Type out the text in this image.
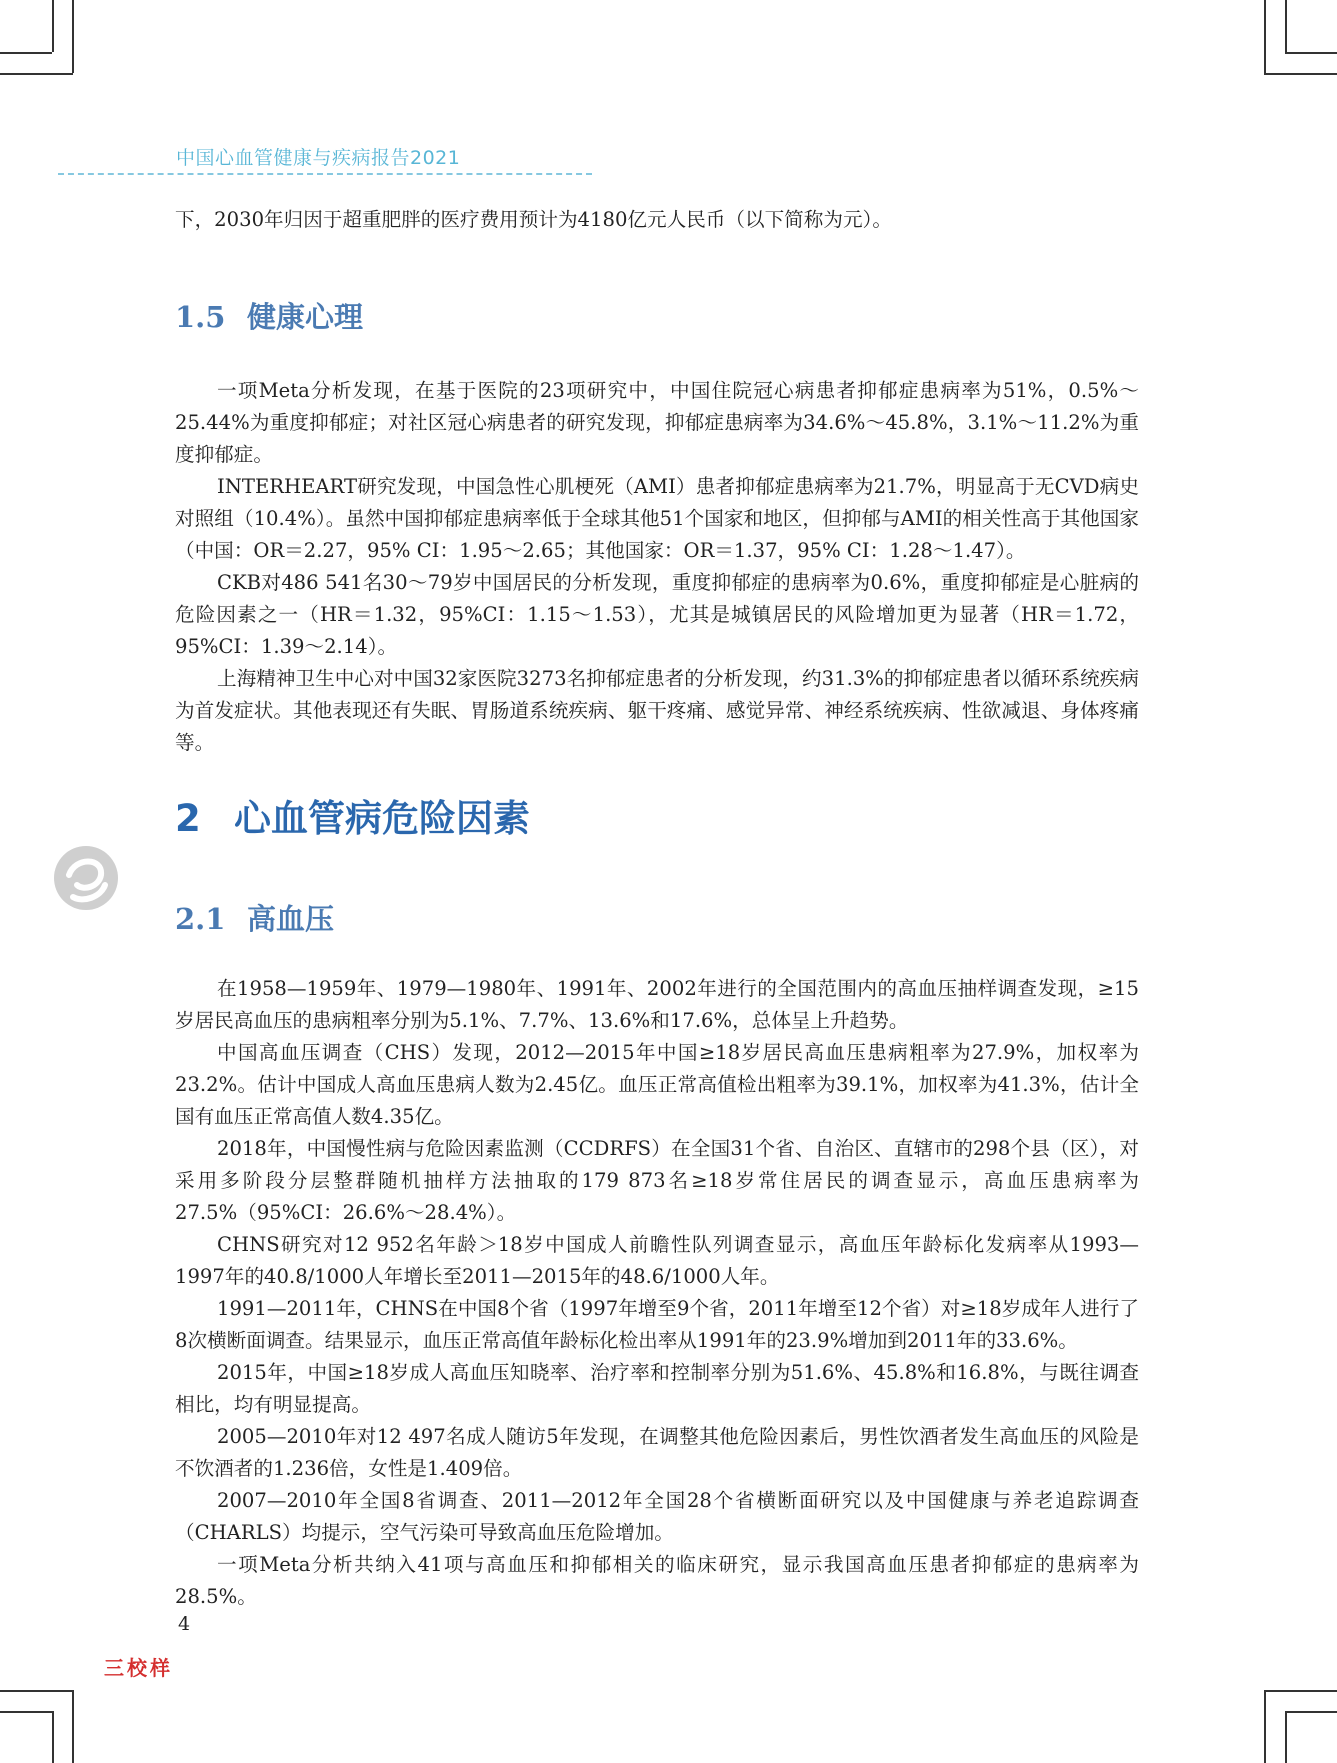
中国心血管健康与疾病报告2021

下，2030年归因于超重肥胖的医疗费用预计为4180亿元人民币（以下简称为元）。

1.5 健康心理

一项Meta分析发现，在基于医院的23项研究中，中国住院冠心病患者抑郁症患病率为51%，0.5%～25.44%为重度抑郁症；对社区冠心病患者的研究发现，抑郁症患病率为34.6%～45.8%，3.1%～11.2%为重度抑郁症。

INTERHEART研究发现，中国急性心肌梗死（AMI）患者抑郁症患病率为21.7%，明显高于无CVD病史对照组（10.4%）。虽然中国抑郁症患病率低于全球其他51个国家和地区，但抑郁与AMI的相关性高于其他国家（中国：OR＝2.27，95% CI：1.95～2.65；其他国家：OR＝1.37，95% CI：1.28～1.47）。

CKB对486 541名30～79岁中国居民的分析发现，重度抑郁症的患病率为0.6%，重度抑郁症是心脏病的危险因素之一（HR＝1.32，95%CI：1.15～1.53），尤其是城镇居民的风险增加更为显著（HR＝1.72，95%CI：1.39～2.14）。

上海精神卫生中心对中国32家医院3273名抑郁症患者的分析发现，约31.3%的抑郁症患者以循环系统疾病为首发症状。其他表现还有失眠、胃肠道系统疾病、躯干疼痛、感觉异常、神经系统疾病、性欲减退、身体疼痛等。

2 心血管病危险因素
2.1 高血压

在1958—1959年、1979—1980年、1991年、2002年进行的全国范围内的高血压抽样调查发现，≥15岁居民高血压的患病粗率分别为5.1%、7.7%、13.6%和17.6%，总体呈上升趋势。

中国高血压调查（CHS）发现，2012—2015年中国≥18岁居民高血压患病粗率为27.9%，加权率为23.2%。估计中国成人高血压患病人数为2.45亿。血压正常高值检出粗率为39.1%，加权率为41.3%，估计全国有血压正常高值人数4.35亿。

2018年，中国慢性病与危险因素监测（CCDRFS）在全国31个省、自治区、直辖市的298个县（区），对采用多阶段分层整群随机抽样方法抽取的179 873名≥18岁常住居民的调查显示，高血压患病率为27.5%（95%CI：26.6%～28.4%）。

CHNS研究对12 952名年龄＞18岁中国成人前瞻性队列调查显示，高血压年龄标化发病率从1993—1997年的40.8/1000人年增长至2011—2015年的48.6/1000人年。

1991—2011年，CHNS在中国8个省（1997年增至9个省，2011年增至12个省）对≥18岁成年人进行了8次横断面调查。结果显示，血压正常高值年龄标化检出率从1991年的23.9%增加到2011年的33.6%。

2015年，中国≥18岁成人高血压知晓率、治疗率和控制率分别为51.6%、45.8%和16.8%，与既往调查相比，均有明显提高。

2005—2010年对12 497名成人随访5年发现，在调整其他危险因素后，男性饮酒者发生高血压的风险是不饮酒者的1.236倍，女性是1.409倍。

2007—2010年全国8省调查、2011—2012年全国28个省横断面研究以及中国健康与养老追踪调查（CHARLS）均提示，空气污染可导致高血压危险增加。

一项Meta分析共纳入41项与高血压和抑郁相关的临床研究，显示我国高血压患者抑郁症的患病率为28.5%。

4
三校样
